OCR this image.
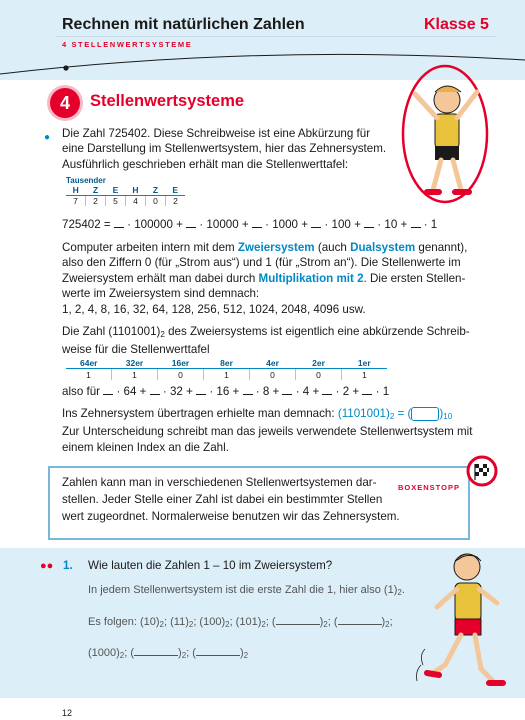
Rechnen mit natürlichen Zahlen	Klasse 5
4 STELLENWERTSYSTEME
4	Stellenwertsysteme
● Die Zahl 725402. Diese Schreibweise ist eine Abkürzung für
eine Darstellung im Stellenwertsystem, hier das Zehnersystem.
Ausführlich geschrieben erhält man die Stellenwerttafel:
Tausender					
H	Z	E	H	Z	E
7	2	5	4	0	2
725402 =  · 100000 +  · 10000 +  · 1000 +  · 100 +  · 10 +  · 1
Computer arbeiten intern mit dem Zweiersystem (auch Dualsystem genannt),
also den Ziffern 0 (für „Strom aus“) und 1 (für „Strom an“). Die Stellenwerte im
Zweiersystem erhält man dabei durch Multiplikation mit 2. Die ersten Stellen-
werte im Zweiersystem sind demnach:
1, 2, 4, 8, 16, 32, 64, 128, 256, 512, 1024, 2048, 4096 usw.
Die Zahl $(1101001)_2$ des Zweiersystems ist eigentlich eine abkürzende Schreib-
weise für die Stellenwerttafel
64er	32er	16er	8er	4er	2er	1er
1	1	0	1	0	0	1
also für  · 64 +  · 32 +  · 16 +  · 8 +  · 4 +  · 2 +  · 1
Ins Zehnersystem übertragen erhielte man demnach: $(1101001)_2$ = ( )$_{10}$
Zur Unterscheidung schreibt man das jeweils verwendete Stellenwertsystem mit
einem kleinen Index an die Zahl.
Zahlen kann man in verschiedenen Stellenwertsystemen dar-
stellen. Jeder Stelle einer Zahl ist dabei ein bestimmter Stellen
wert zugeordnet. Normalerweise benutzen wir das Zehnersystem.
BOXENSTOPP
●● 1. Wie lauten die Zahlen 1 – 10 im Zweiersystem?
In jedem Stellenwertsystem ist die erste Zahl die 1, hier also $(1)_2$.
Es folgen: $(10)_2$; $(11)_2$; $(100)_2$; $(101)_2$; (	)$_2$; (	)$_2$;
$(1000)_2$; (	)$_2$; (	)$_2$
12
